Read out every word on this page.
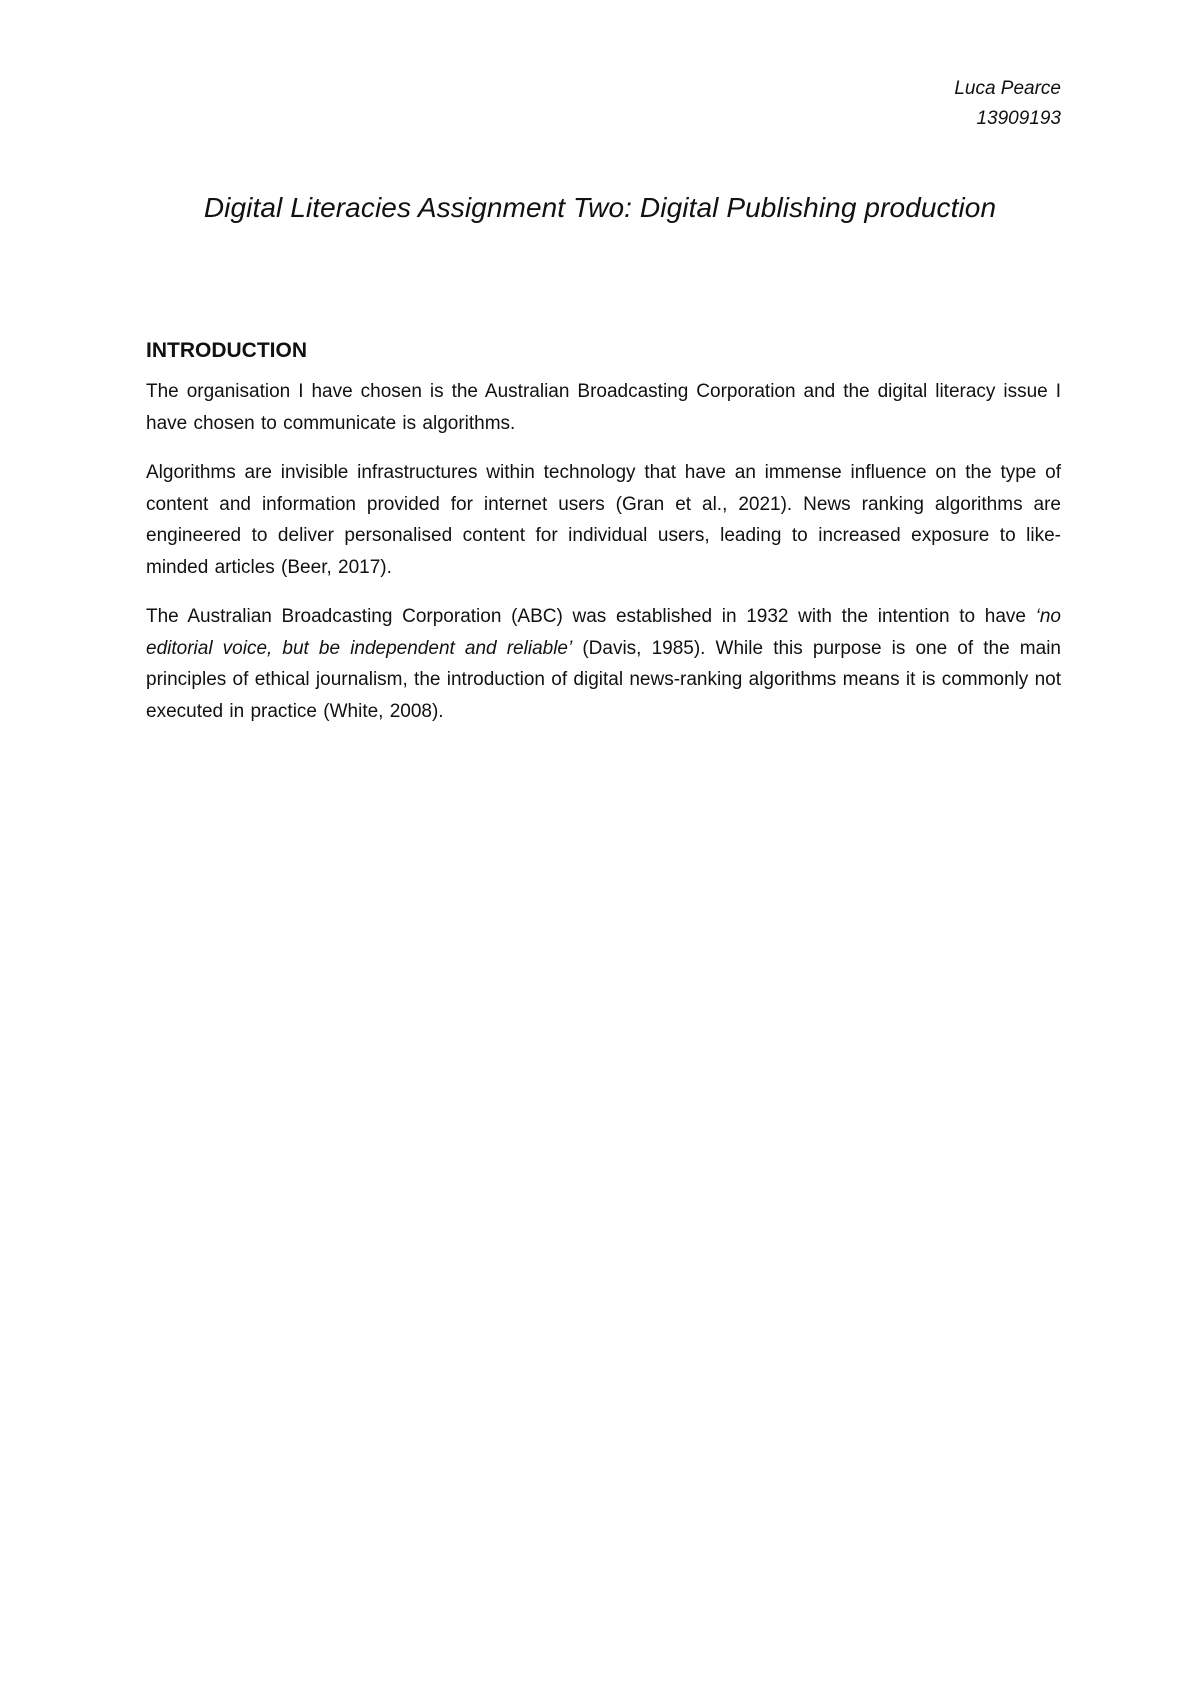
Luca Pearce
13909193
Digital Literacies Assignment Two: Digital Publishing production
INTRODUCTION

The organisation I have chosen is the Australian Broadcasting Corporation and the digital literacy issue I have chosen to communicate is algorithms.

Algorithms are invisible infrastructures within technology that have an immense influence on the type of content and information provided for internet users (Gran et al., 2021). News ranking algorithms are engineered to deliver personalised content for individual users, leading to increased exposure to like-minded articles (Beer, 2017).

The Australian Broadcasting Corporation (ABC) was established in 1932 with the intention to have ‘no editorial voice, but be independent and reliable’ (Davis, 1985). While this purpose is one of the main principles of ethical journalism, the introduction of digital news-ranking algorithms means it is commonly not executed in practice (White, 2008).
